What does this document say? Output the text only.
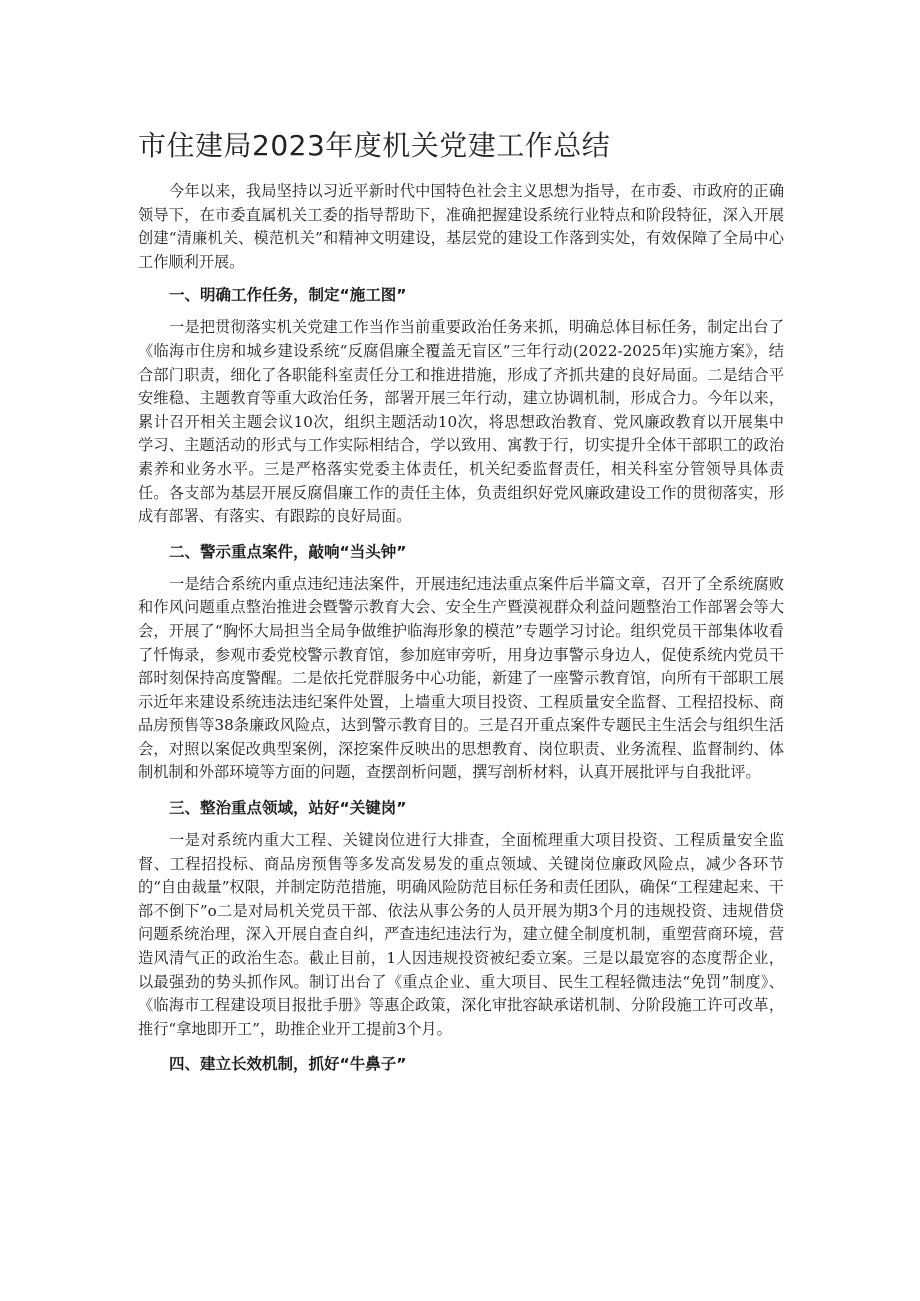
市住建局2023年度机关党建工作总结

今年以来，我局坚持以习近平新时代中国特色社会主义思想为指导，在市委、市政府的正确领导下，在市委直属机关工委的指导帮助下，准确把握建设系统行业特点和阶段特征，深入开展创建“清廉机关、模范机关”和精神文明建设，基层党的建设工作落到实处，有效保障了全局中心工作顺利开展。

一、明确工作任务，制定“施工图”

一是把贯彻落实机关党建工作当作当前重要政治任务来抓，明确总体目标任务，制定出台了《临海市住房和城乡建设系统“反腐倡廉全覆盖无盲区”三年行动(2022-2025年)实施方案》，结合部门职责，细化了各职能科室责任分工和推进措施，形成了齐抓共建的良好局面。二是结合平安维稳、主题教育等重大政治任务，部署开展三年行动，建立协调机制，形成合力。今年以来，累计召开相关主题会议10次，组织主题活动10次，将思想政治教育、党风廉政教育以开展集中学习、主题活动的形式与工作实际相结合，学以致用、寓教于行，切实提升全体干部职工的政治素养和业务水平。三是严格落实党委主体责任，机关纪委监督责任，相关科室分管领导具体责任。各支部为基层开展反腐倡廉工作的责任主体，负责组织好党风廉政建设工作的贯彻落实，形成有部署、有落实、有跟踪的良好局面。

二、警示重点案件，敲响“当头钟”

一是结合系统内重点违纪违法案件，开展违纪违法重点案件后半篇文章，召开了全系统腐败和作风问题重点整治推进会暨警示教育大会、安全生产暨漠视群众利益问题整治工作部署会等大会，开展了“胸怀大局担当全局争做维护临海形象的模范”专题学习讨论。组织党员干部集体收看了忏悔录，参观市委党校警示教育馆，参加庭审旁听，用身边事警示身边人，促使系统内党员干部时刻保持高度警醒。二是依托党群服务中心功能，新建了一座警示教育馆，向所有干部职工展示近年来建设系统违法违纪案件处置，上墙重大项目投资、工程质量安全监督、工程招投标、商品房预售等38条廉政风险点，达到警示教育目的。三是召开重点案件专题民主生活会与组织生活会，对照以案促改典型案例，深挖案件反映出的思想教育、岗位职责、业务流程、监督制约、体制机制和外部环境等方面的问题，查摆剖析问题，撰写剖析材料，认真开展批评与自我批评。

三、整治重点领域，站好“关键岗”

一是对系统内重大工程、关键岗位进行大排查，全面梳理重大项目投资、工程质量安全监督、工程招投标、商品房预售等多发高发易发的重点领域、关键岗位廉政风险点，减少各环节的“自由裁量”权限，并制定防范措施，明确风险防范目标任务和责任团队，确保“工程建起来、干部不倒下”o二是对局机关党员干部、依法从事公务的人员开展为期3个月的违规投资、违规借贷问题系统治理，深入开展自查自纠，严查违纪违法行为，建立健全制度机制，重塑营商环境，营造风清气正的政治生态。截止目前，1人因违规投资被纪委立案。三是以最宽容的态度帮企业，以最强劲的势头抓作风。制订出台了《重点企业、重大项目、民生工程轻微违法“免罚”制度》、《临海市工程建设项目报批手册》等惠企政策，深化审批容缺承诺机制、分阶段施工许可改革，推行“拿地即开工”，助推企业开工提前3个月。

四、建立长效机制，抓好“牛鼻子”
